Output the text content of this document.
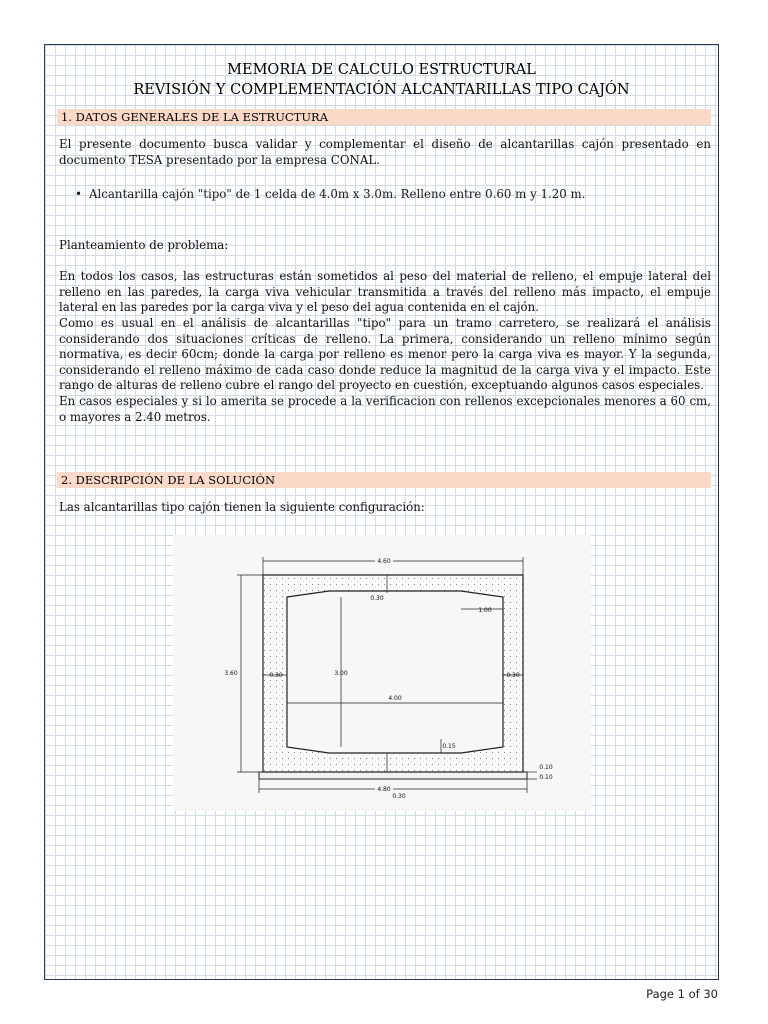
MEMORIA DE CALCULO ESTRUCTURAL
REVISIÓN Y COMPLEMENTACIÓN ALCANTARILLAS TIPO CAJÓN
1. DATOS GENERALES DE LA ESTRUCTURA

El presente documento busca validar y complementar el diseño de alcantarillas cajón presentado en documento TESA presentado por la empresa CONAL.

• Alcantarilla cajón "tipo" de 1 celda de 4.0m x 3.0m. Relleno entre 0.60 m y 1.20 m.

Planteamiento de problema:

En todos los casos, las estructuras están sometidos al peso del material de relleno, el empuje lateral del relleno en las paredes, la carga viva vehicular transmitida a través del relleno más impacto, el empuje lateral en las paredes por la carga viva y el peso del agua contenida en el cajón.

Como es usual en el análisis de alcantarillas "tipo" para un tramo carretero, se realizará el análisis considerando dos situaciones críticas de relleno. La primera, considerando un relleno mínimo según normativa, es decir 60cm; donde la carga por relleno es menor pero la carga viva es mayor. Y la segunda, considerando el relleno máximo de cada caso donde reduce la magnitud de la carga viva y el impacto. Este rango de alturas de relleno cubre el rango del proyecto en cuestión, exceptuando algunos casos especiales.

En casos especiales y si lo amerita se procede a la verificacion con rellenos excepcionales menores a 60 cm, o mayores a 2.40 metros.

2. DESCRIPCIÓN DE LA SOLUCIÓN

Las alcantarillas tipo cajón tienen la siguiente configuración:

4.60
3.60	3.00
4.00
0.30
1.00
0.30	0.30
0.30
0.15
0.10
0.10
4.80
Page 1 of 30
